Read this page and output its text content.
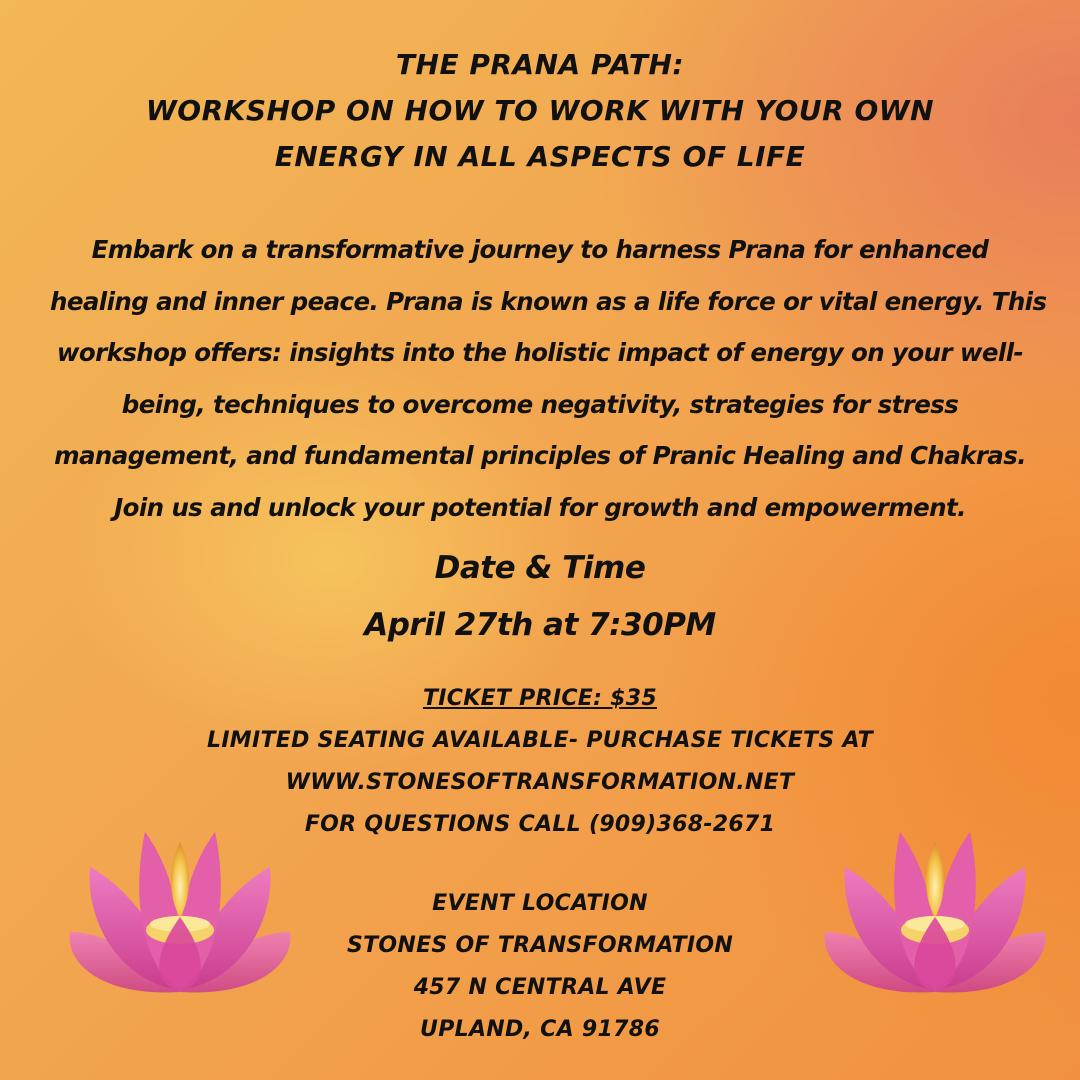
THE PRANA PATH:
WORKSHOP ON HOW TO WORK WITH YOUR OWN
ENERGY IN ALL ASPECTS OF LIFE
Embark on a transformative journey to harness Prana for enhanced
healing and inner peace. Prana is known as a life force or vital energy. This
workshop offers: insights into the holistic impact of energy on your well-
being, techniques to overcome negativity, strategies for stress
management, and fundamental principles of Pranic Healing and Chakras.
Join us and unlock your potential for growth and empowerment.
Date & Time
April 27th at 7:30PM
TICKET PRICE: $35
LIMITED SEATING AVAILABLE- PURCHASE TICKETS AT
WWW.STONESOFTRANSFORMATION.NET
FOR QUESTIONS CALL (909)368-2671
EVENT LOCATION
STONES OF TRANSFORMATION
457 N CENTRAL AVE
UPLAND, CA 91786
